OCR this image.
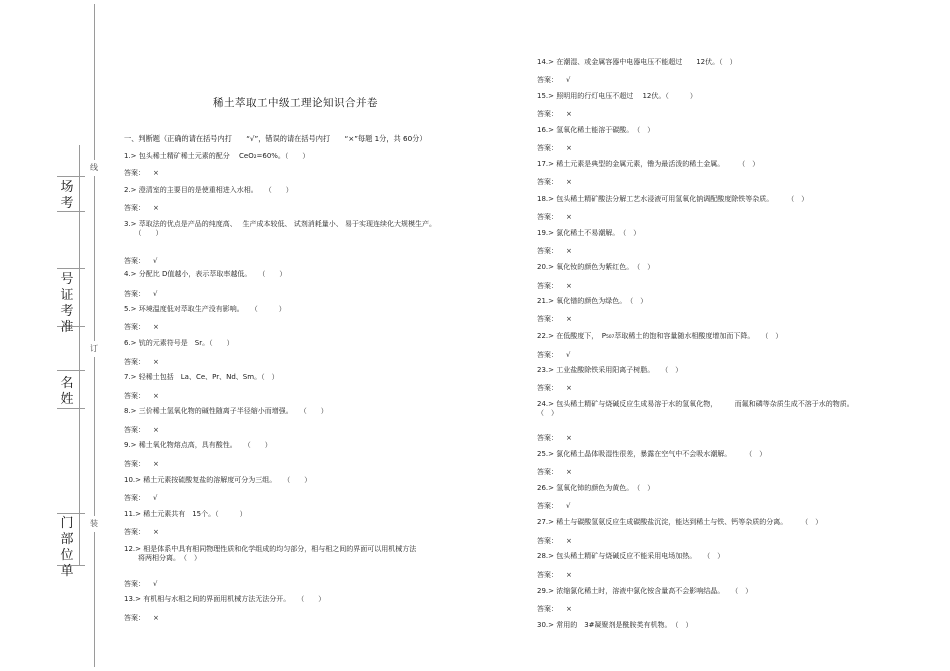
场考
号证考准
名姓
门部位单
线
订
装
稀土萃取工中级工理论知识合并卷
一、判断题（正确的请在括号内打　　“√”，错误的请在括号内打　　“×”每题 1分，共 60分）
1.> 包头稀土精矿稀土元素的配分　 CeO₂=60%。（　　）
答案： ×
2.> 澄清室的主要目的是使重相进入水相。　　（　　）
答案： ×
3.> 萃取法的优点是产品的纯度高、　 生产成本较低、 试剂消耗量小、 易于实现连续化大规模生产。
　　（　　）
答案： √
4.> 分配比 D值越小，表示萃取率越低。　　（　　）
答案： √
5.> 环境温度低对萃取生产没有影响。　　（　　　）
答案： ×
6.> 钪的元素符号是　Sr。（　　）
答案： ×
7.> 轻稀土包括　La、Ce、Pr、Nd、Sm。（　）
答案： ×
8.> 三价稀土氢氧化物的碱性随离子半径缩小而增强。　　（　　）
答案： ×
9.> 稀土氧化物熔点高，具有酸性。　　（　　）
答案： ×
10.> 稀土元素按硫酸复盐的溶解度可分为三组。　　（　　）
答案： √
11.> 稀土元素共有　15个。（　　　）
答案： ×
12.> 相是体系中具有相同物理性质和化学组成的均匀部分，相与相之间的界面可以用机械方法
　　将两相分离。　（　）
答案： √
13.> 有机相与水相之间的界面用机械方法无法分开。　　（　　）
答案： ×
14.> 在潮湿、或金属容器中电器电压不能超过　　12伏。（　）
答案： √
15.> 照明用的行灯电压不超过　 12伏。（　　　）
答案： ×
16.> 氢氧化稀土能溶于碳酸。　（　）
答案： ×
17.> 稀土元素是典型的金属元素，镥为最活泼的稀土金属。　　　（　）
答案： ×
18.> 包头稀土精矿酸法分解工艺水浸液可用氢氧化钠调配酸度除铁等杂质。　　　（　）
答案： ×
19.> 氯化稀土不易潮解。　（　）
答案： ×
20.> 氧化钕的颜色为紫红色。　（　）
答案： ×
21.> 氧化镨的颜色为绿色。　（　）
答案： ×
22.> 在低酸度下，　P₅₀₇萃取稀土的饱和容量随水相酸度增加而下降。　　（　）
答案： √
23.> 工业盐酸除铁采用阳离子树脂。　　（　）
答案： ×
24.> 包头稀土精矿与烧碱反应生成易溶于水的氢氧化物，　　　而氟和磷等杂质生成不溶于水的物质。
（　）
答案： ×
25.> 氯化稀土晶体吸湿性很差，暴露在空气中不会吸水潮解。　　　（　）
答案： ×
26.> 氢氧化铈的颜色为黄色。　（　）
答案： √
27.> 稀土与碳酸氢氨反应生成碳酸盐沉淀，能达到稀土与铁、钙等杂质的分离。　　　（　）
答案： ×
28.> 包头稀土精矿与烧碱反应不能采用电场加热。　　（　）
答案： ×
29.> 浓缩氯化稀土时，溶液中氯化铵含量高不会影响结晶。　　（　）
答案： ×
30.> 常用的　3#凝聚剂是酰胺类有机物。　（　）
